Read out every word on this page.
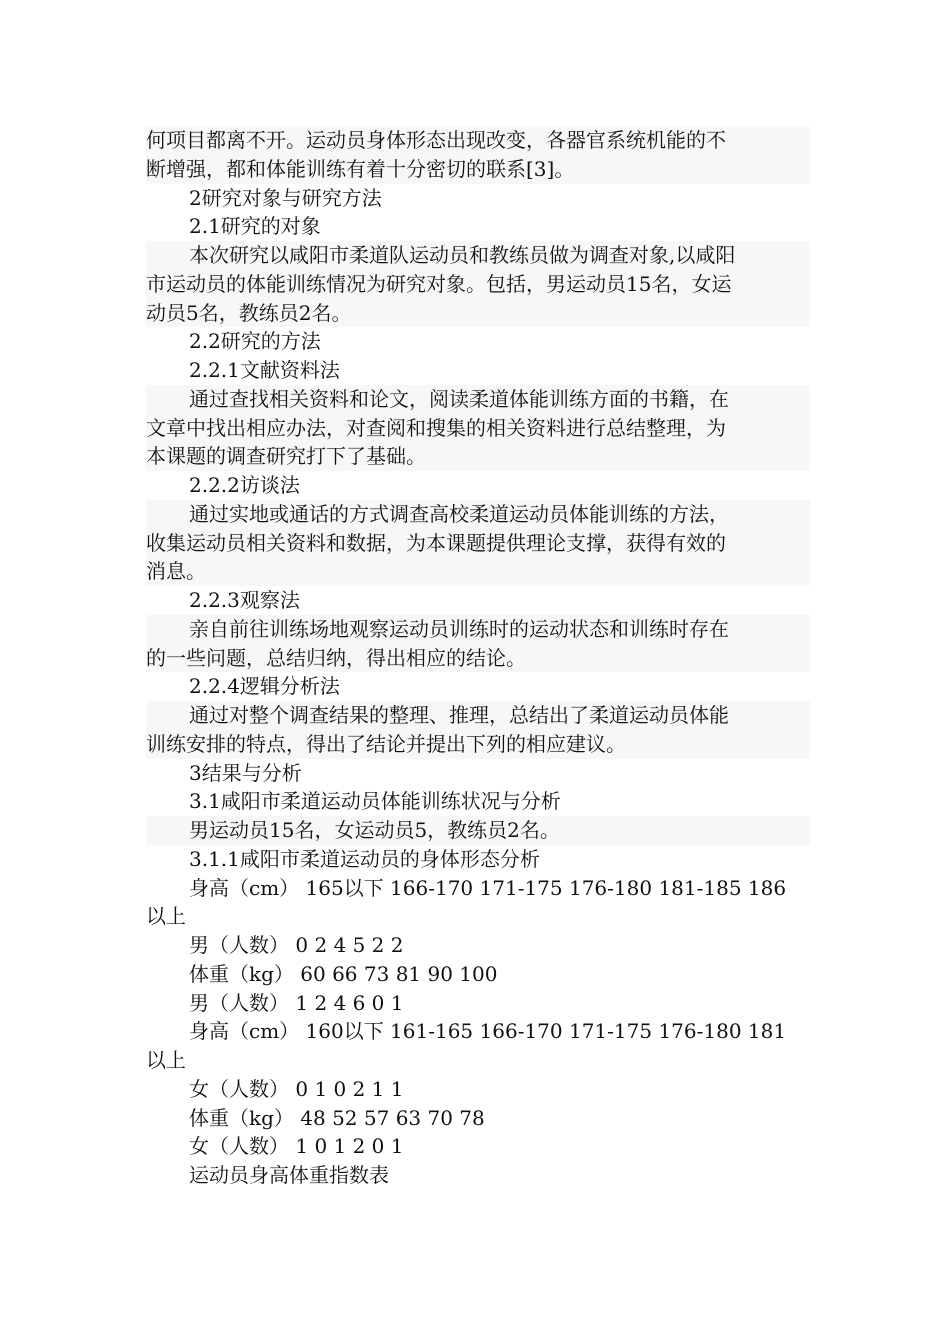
何项目都离不开。运动员身体形态出现改变，各器官系统机能的不
断增强，都和体能训练有着十分密切的联系[3]。
2研究对象与研究方法
2.1研究的对象
本次研究以咸阳市柔道队运动员和教练员做为调查对象,以咸阳
市运动员的体能训练情况为研究对象。包括，男运动员15名，女运
动员5名，教练员2名。
2.2研究的方法
2.2.1文献资料法
通过查找相关资料和论文，阅读柔道体能训练方面的书籍，在
文章中找出相应办法，对查阅和搜集的相关资料进行总结整理，为
本课题的调查研究打下了基础。
2.2.2访谈法
通过实地或通话的方式调查高校柔道运动员体能训练的方法，
收集运动员相关资料和数据，为本课题提供理论支撑，获得有效的
消息。
2.2.3观察法
亲自前往训练场地观察运动员训练时的运动状态和训练时存在
的一些问题，总结归纳，得出相应的结论。
2.2.4逻辑分析法
通过对整个调查结果的整理、推理，总结出了柔道运动员体能
训练安排的特点，得出了结论并提出下列的相应建议。
3结果与分析
3.1咸阳市柔道运动员体能训练状况与分析
男运动员15名，女运动员5，教练员2名。
3.1.1咸阳市柔道运动员的身体形态分析
身高（cm） 165以下 166-170 171-175 176-180 181-185 186
以上
男（人数） 0 2 4 5 2 2
体重（kg） 60 66 73 81 90 100
男（人数） 1 2 4 6 0 1
身高（cm） 160以下 161-165 166-170 171-175 176-180 181
以上
女（人数） 0 1 0 2 1 1
体重（kg） 48 52 57 63 70 78
女（人数） 1 0 1 2 0 1
运动员身高体重指数表
